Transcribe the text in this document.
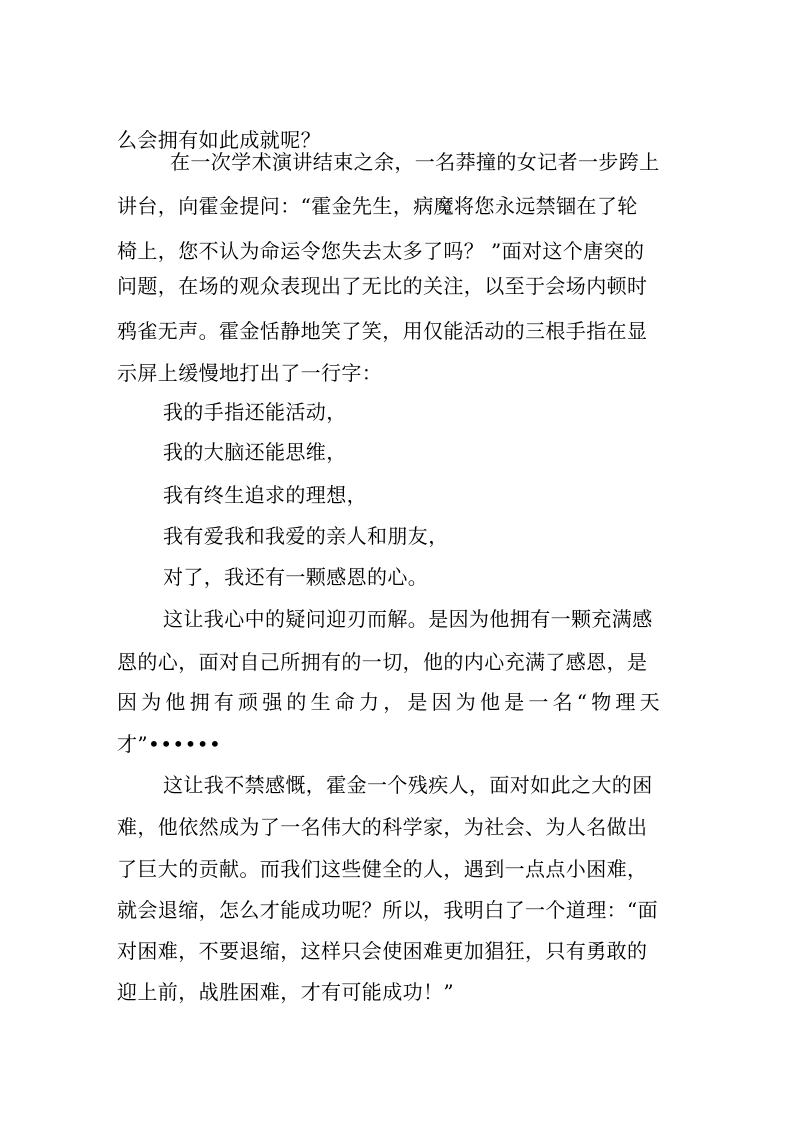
么会拥有如此成就呢？
在一次学术演讲结束之余，一名莽撞的女记者一步跨上
讲台，向霍金提问：“霍金先生，病魔将您永远禁锢在了轮
椅上，您不认为命运令您失去太多了吗？ ”面对这个唐突的
问题，在场的观众表现出了无比的关注，以至于会场内顿时
鸦雀无声。霍金恬静地笑了笑，用仅能活动的三根手指在显
示屏上缓慢地打出了一行字：
我的手指还能活动，
我的大脑还能思维，
我有终生追求的理想，
我有爱我和我爱的亲人和朋友，
对了，我还有一颗感恩的心。
这让我心中的疑问迎刃而解。是因为他拥有一颗充满感
恩的心，面对自己所拥有的一切，他的内心充满了感恩，是
因为他拥有顽强的生命力，是因为他是一名“物理天
才”••••••
这让我不禁感慨，霍金一个残疾人，面对如此之大的困
难，他依然成为了一名伟大的科学家，为社会、为人名做出
了巨大的贡献。而我们这些健全的人，遇到一点点小困难，
就会退缩，怎么才能成功呢？所以，我明白了一个道理：“面
对困难，不要退缩，这样只会使困难更加猖狂，只有勇敢的
迎上前，战胜困难，才有可能成功！”
